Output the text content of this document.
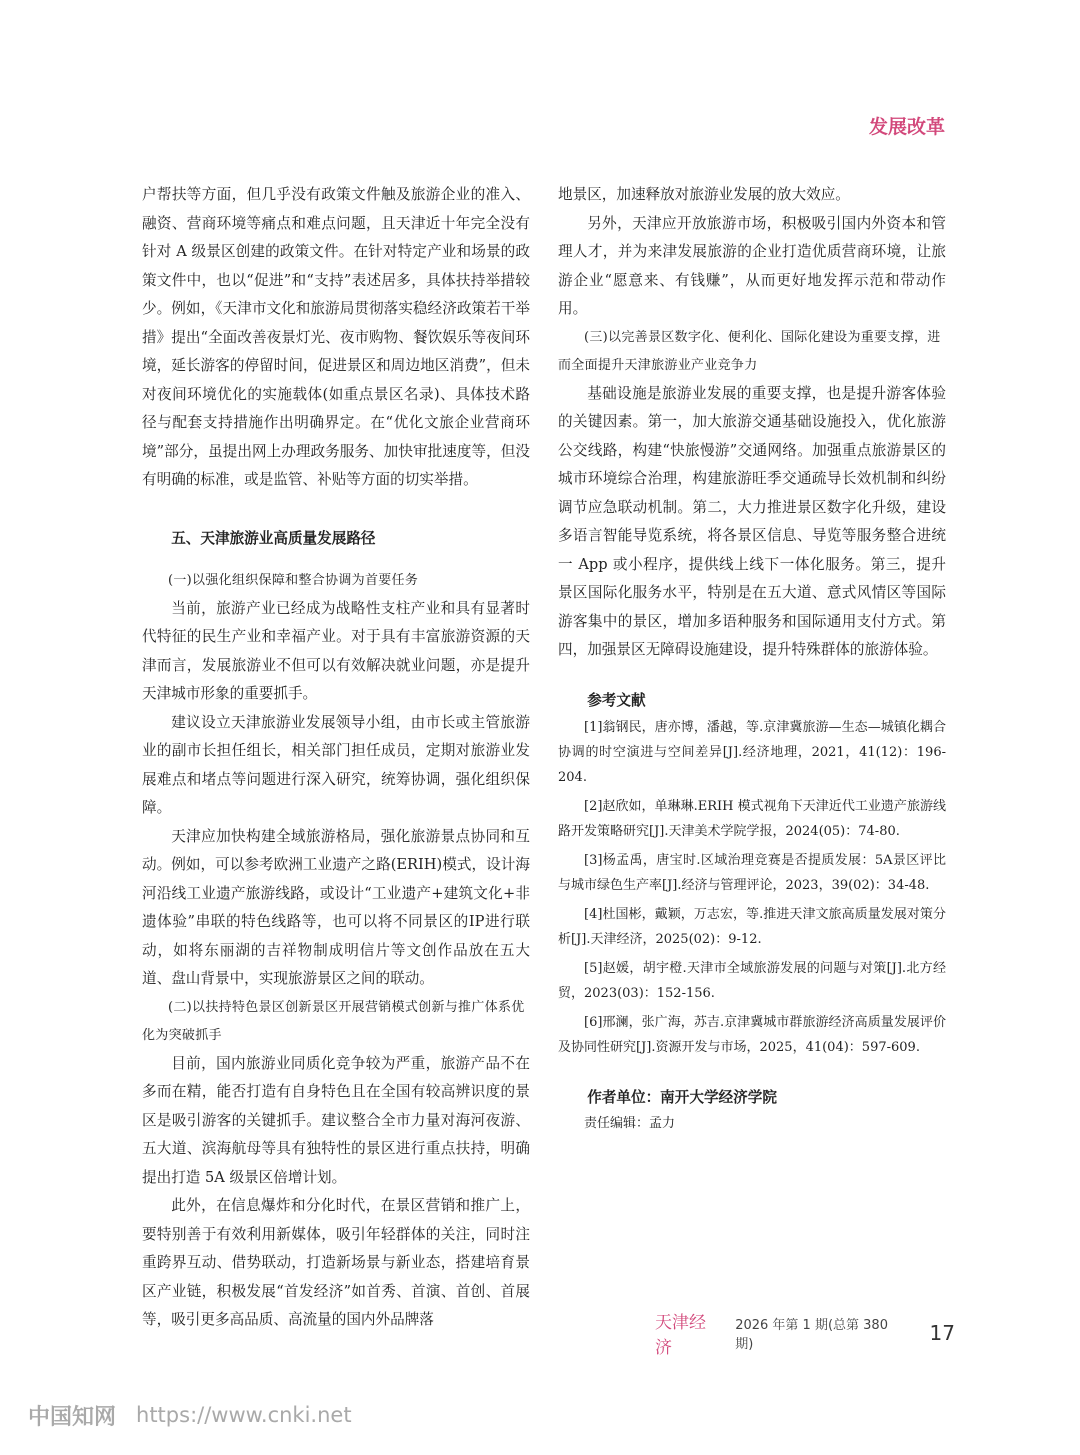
发展改革

户帮扶等方面，但几乎没有政策文件触及旅游企业的准入、融资、营商环境等痛点和难点问题，且天津近十年完全没有针对 A 级景区创建的政策文件。在针对特定产业和场景的政策文件中，也以“促进”和“支持”表述居多，具体扶持举措较少。例如，《天津市文化和旅游局贯彻落实稳经济政策若干举措》提出“全面改善夜景灯光、夜市购物、餐饮娱乐等夜间环境，延长游客的停留时间，促进景区和周边地区消费”，但未对夜间环境优化的实施载体(如重点景区名录)、具体技术路径与配套支持措施作出明确界定。在“优化文旅企业营商环境”部分，虽提出网上办理政务服务、加快审批速度等，但没有明确的标准，或是监管、补贴等方面的切实举措。

五、天津旅游业高质量发展路径

(一)以强化组织保障和整合协调为首要任务

当前，旅游产业已经成为战略性支柱产业和具有显著时代特征的民生产业和幸福产业。对于具有丰富旅游资源的天津而言，发展旅游业不但可以有效解决就业问题，亦是提升天津城市形象的重要抓手。

建议设立天津旅游业发展领导小组，由市长或主管旅游业的副市长担任组长，相关部门担任成员，定期对旅游业发展难点和堵点等问题进行深入研究，统筹协调，强化组织保障。

天津应加快构建全域旅游格局，强化旅游景点协同和互动。例如，可以参考欧洲工业遗产之路(ERIH)模式，设计海河沿线工业遗产旅游线路，或设计“工业遗产+建筑文化+非遗体验”串联的特色线路等，也可以将不同景区的IP进行联动，如将东丽湖的吉祥物制成明信片等文创作品放在五大道、盘山背景中，实现旅游景区之间的联动。

(二)以扶持特色景区创新景区开展营销模式创新与推广体系优化为突破抓手

目前，国内旅游业同质化竞争较为严重，旅游产品不在多而在精，能否打造有自身特色且在全国有较高辨识度的景区是吸引游客的关键抓手。建议整合全市力量对海河夜游、五大道、滨海航母等具有独特性的景区进行重点扶持，明确提出打造 5A 级景区倍增计划。

此外，在信息爆炸和分化时代，在景区营销和推广上，要特别善于有效利用新媒体，吸引年轻群体的关注，同时注重跨界互动、借势联动，打造新场景与新业态，搭建培育景区产业链，积极发展“首发经济”如首秀、首演、首创、首展等，吸引更多高品质、高流量的国内外品牌落

地景区，加速释放对旅游业发展的放大效应。

另外，天津应开放旅游市场，积极吸引国内外资本和管理人才，并为来津发展旅游的企业打造优质营商环境，让旅游企业“愿意来、有钱赚”，从而更好地发挥示范和带动作用。

(三)以完善景区数字化、便利化、国际化建设为重要支撑，进而全面提升天津旅游业产业竞争力

基础设施是旅游业发展的重要支撑，也是提升游客体验的关键因素。第一，加大旅游交通基础设施投入，优化旅游公交线路，构建“快旅慢游”交通网络。加强重点旅游景区的城市环境综合治理，构建旅游旺季交通疏导长效机制和纠纷调节应急联动机制。第二，大力推进景区数字化升级，建设多语言智能导览系统，将各景区信息、导览等服务整合进统一 App 或小程序，提供线上线下一体化服务。第三，提升景区国际化服务水平，特别是在五大道、意式风情区等国际游客集中的景区，增加多语种服务和国际通用支付方式。第四，加强景区无障碍设施建设，提升特殊群体的旅游体验。

参考文献

[1]翁钢民，唐亦博，潘越，等.京津冀旅游—生态—城镇化耦合协调的时空演进与空间差异[J].经济地理，2021，41(12)：196-204.

[2]赵欣如，单琳琳.ERIH 模式视角下天津近代工业遗产旅游线路开发策略研究[J].天津美术学院学报，2024(05)：74-80.

[3]杨孟禹，唐宝时.区域治理竞赛是否提质发展：5A景区评比与城市绿色生产率[J].经济与管理评论，2023，39(02)：34-48.

[4]杜国彬，戴颖，万志宏，等.推进天津文旅高质量发展对策分析[J].天津经济，2025(02)：9-12.

[5]赵媛，胡宇橙.天津市全域旅游发展的问题与对策[J].北方经贸，2023(03)：152-156.

[6]邢澜，张广海，苏吉.京津冀城市群旅游经济高质量发展评价及协同性研究[J].资源开发与市场，2025，41(04)：597-609.

作者单位：南开大学经济学院

责任编辑：孟力

天津经济
2026 年第 1 期(总第 380 期)	17
中国知网 https://www.cnki.net
